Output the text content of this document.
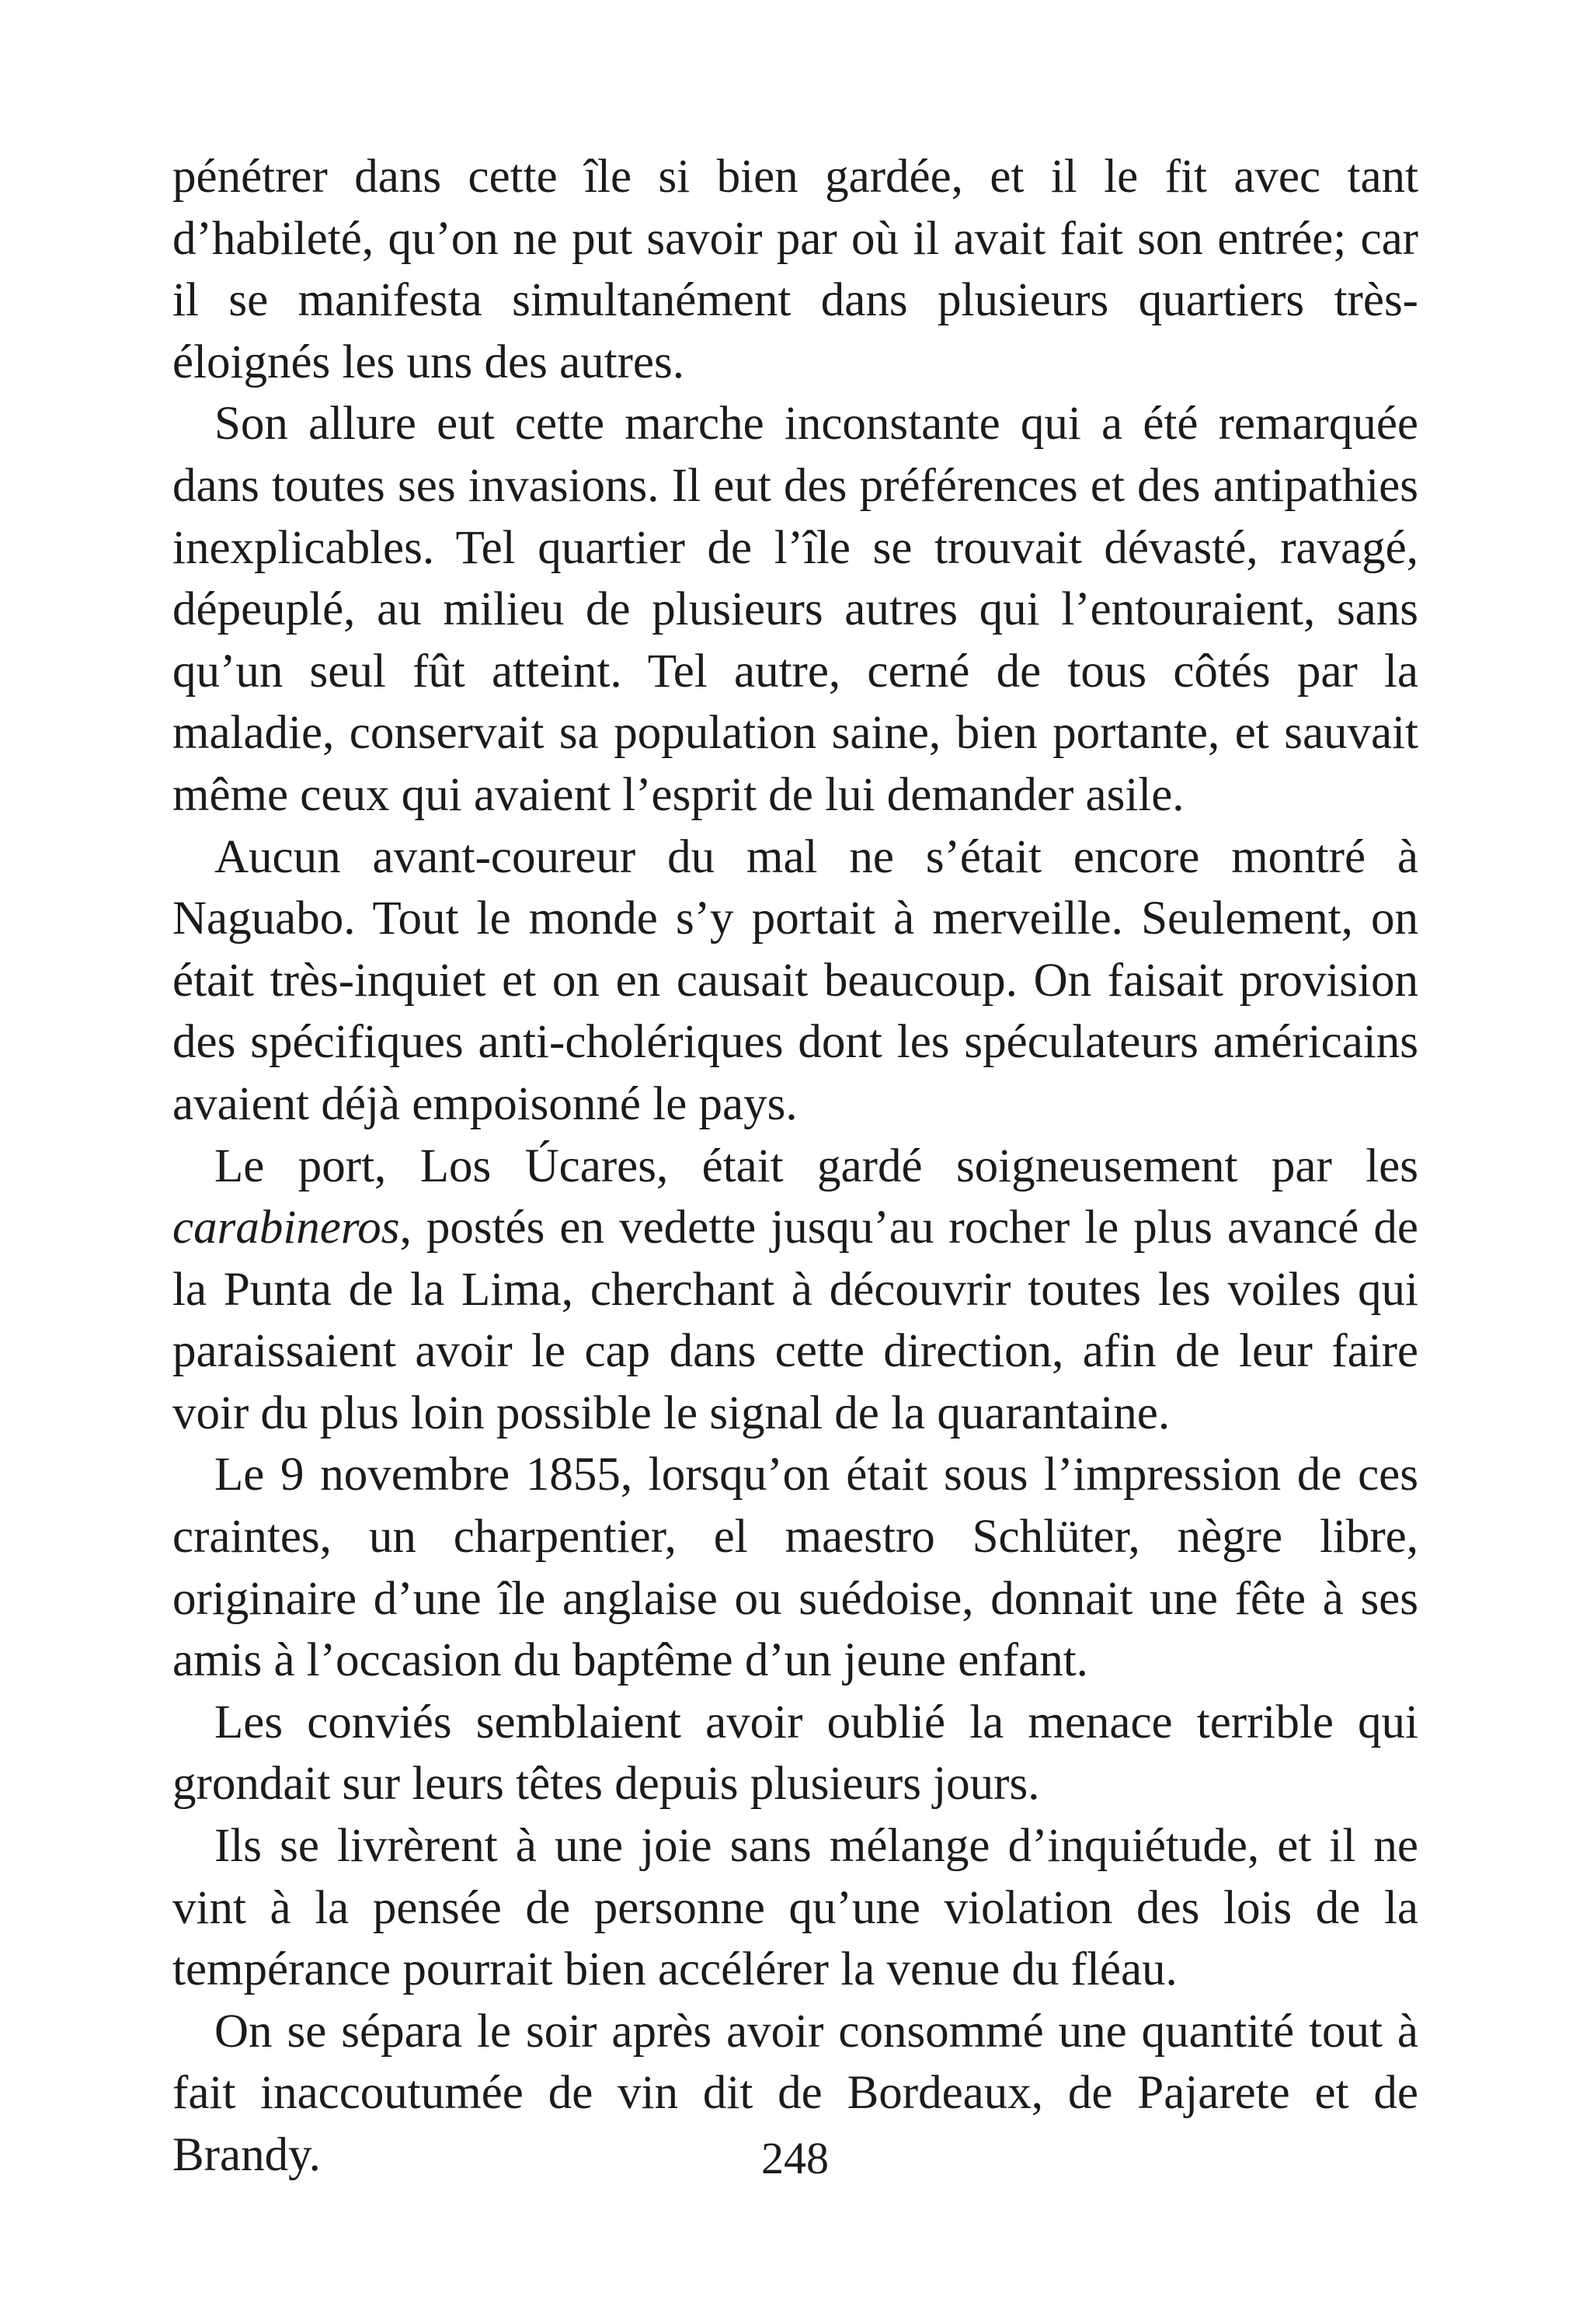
pénétrer dans cette île si bien gardée, et il le fit avec tant d’habileté, qu’on ne put savoir par où il avait fait son entrée; car il se manifesta simultanément dans plusieurs quartiers très-éloignés les uns des autres.

Son allure eut cette marche inconstante qui a été remarquée dans toutes ses invasions. Il eut des préférences et des antipathies inexplicables. Tel quartier de l’île se trouvait dévasté, ravagé, dépeuplé, au milieu de plusieurs autres qui l’entouraient, sans qu’un seul fût atteint. Tel autre, cerné de tous côtés par la maladie, conservait sa population saine, bien portante, et sauvait même ceux qui avaient l’esprit de lui demander asile.

Aucun avant-coureur du mal ne s’était encore montré à Naguabo. Tout le monde s’y portait à merveille. Seulement, on était très-inquiet et on en causait beaucoup. On faisait provision des spécifiques anti-cholériques dont les spéculateurs américains avaient déjà empoisonné le pays.

Le port, Los Úcares, était gardé soigneusement par les carabineros, postés en vedette jusqu’au rocher le plus avancé de la Punta de la Lima, cherchant à découvrir toutes les voiles qui paraissaient avoir le cap dans cette direction, afin de leur faire voir du plus loin possible le signal de la quarantaine.

Le 9 novembre 1855, lorsqu’on était sous l’impression de ces craintes, un charpentier, el maestro Schlüter, nègre libre, originaire d’une île anglaise ou suédoise, donnait une fête à ses amis à l’occasion du baptême d’un jeune enfant.

Les conviés semblaient avoir oublié la menace terrible qui grondait sur leurs têtes depuis plusieurs jours.

Ils se livrèrent à une joie sans mélange d’inquiétude, et il ne vint à la pensée de personne qu’une violation des lois de la tempérance pourrait bien accélérer la venue du fléau.

On se sépara le soir après avoir consommé une quantité tout à fait inaccoutumée de vin dit de Bordeaux, de Pajarete et de Brandy.	248
